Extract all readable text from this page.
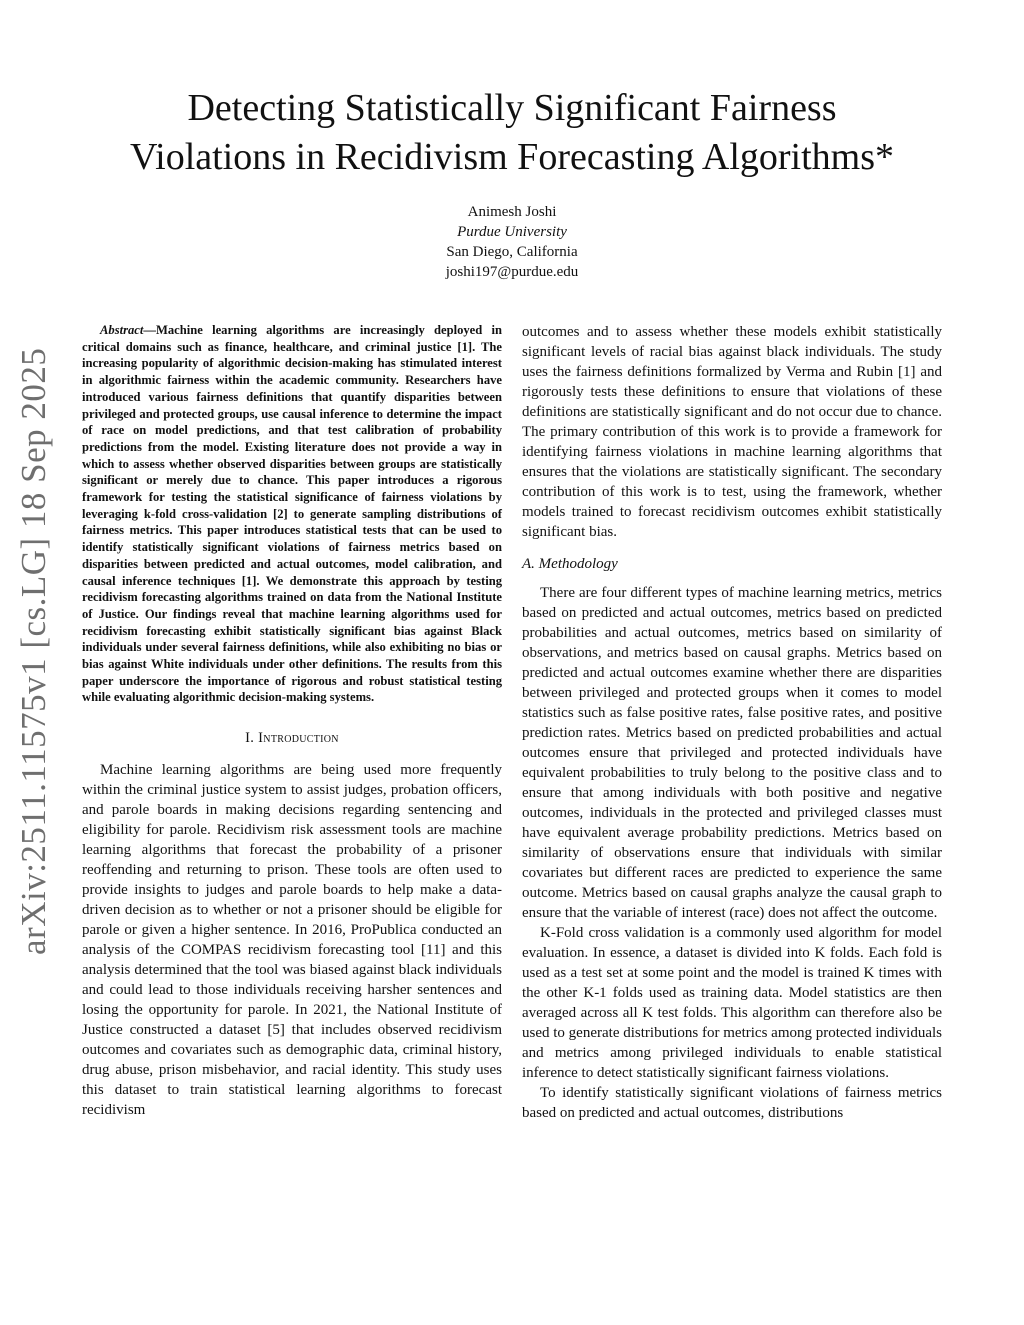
arXiv:2511.11575v1 [cs.LG] 18 Sep 2025
Detecting Statistically Significant Fairness
Violations in Recidivism Forecasting Algorithms*
Animesh Joshi
Purdue University
San Diego, California
joshi197@purdue.edu

Abstract—Machine learning algorithms are increasingly deployed in critical domains such as finance, healthcare, and criminal justice [1]. The increasing popularity of algorithmic decision-making has stimulated interest in algorithmic fairness within the academic community. Researchers have introduced various fairness definitions that quantify disparities between privileged and protected groups, use causal inference to determine the impact of race on model predictions, and that test calibration of probability predictions from the model. Existing literature does not provide a way in which to assess whether observed disparities between groups are statistically significant or merely due to chance. This paper introduces a rigorous framework for testing the statistical significance of fairness violations by leveraging k-fold cross-validation [2] to generate sampling distributions of fairness metrics. This paper introduces statistical tests that can be used to identify statistically significant violations of fairness metrics based on disparities between predicted and actual outcomes, model calibration, and causal inference techniques [1]. We demonstrate this approach by testing recidivism forecasting algorithms trained on data from the National Institute of Justice. Our findings reveal that machine learning algorithms used for recidivism forecasting exhibit statistically significant bias against Black individuals under several fairness definitions, while also exhibiting no bias or bias against White individuals under other definitions. The results from this paper underscore the importance of rigorous and robust statistical testing while evaluating algorithmic decision-making systems.

I. Introduction

Machine learning algorithms are being used more frequently within the criminal justice system to assist judges, probation officers, and parole boards in making decisions regarding sentencing and eligibility for parole. Recidivism risk assessment tools are machine learning algorithms that forecast the probability of a prisoner reoffending and returning to prison. These tools are often used to provide insights to judges and parole boards to help make a data-driven decision as to whether or not a prisoner should be eligible for parole or given a higher sentence. In 2016, ProPublica conducted an analysis of the COMPAS recidivism forecasting tool [11] and this analysis determined that the tool was biased against black individuals and could lead to those individuals receiving harsher sentences and losing the opportunity for parole. In 2021, the National Institute of Justice constructed a dataset [5] that includes observed recidivism outcomes and covariates such as demographic data, criminal history, drug abuse, prison misbehavior, and racial identity. This study uses this dataset to train statistical learning algorithms to forecast recidivism

outcomes and to assess whether these models exhibit statistically significant levels of racial bias against black individuals. The study uses the fairness definitions formalized by Verma and Rubin [1] and rigorously tests these definitions to ensure that violations of these definitions are statistically significant and do not occur due to chance. The primary contribution of this work is to provide a framework for identifying fairness violations in machine learning algorithms that ensures that the violations are statistically significant. The secondary contribution of this work is to test, using the framework, whether models trained to forecast recidivism outcomes exhibit statistically significant bias.

A. Methodology

There are four different types of machine learning metrics, metrics based on predicted and actual outcomes, metrics based on predicted probabilities and actual outcomes, metrics based on similarity of observations, and metrics based on causal graphs. Metrics based on predicted and actual outcomes examine whether there are disparities between privileged and protected groups when it comes to model statistics such as false positive rates, false positive rates, and positive prediction rates. Metrics based on predicted probabilities and actual outcomes ensure that privileged and protected individuals have equivalent probabilities to truly belong to the positive class and to ensure that among individuals with both positive and negative outcomes, individuals in the protected and privileged classes must have equivalent average probability predictions. Metrics based on similarity of observations ensure that individuals with similar covariates but different races are predicted to experience the same outcome. Metrics based on causal graphs analyze the causal graph to ensure that the variable of interest (race) does not affect the outcome.

K-Fold cross validation is a commonly used algorithm for model evaluation. In essence, a dataset is divided into K folds. Each fold is used as a test set at some point and the model is trained K times with the other K-1 folds used as training data. Model statistics are then averaged across all K test folds. This algorithm can therefore also be used to generate distributions for metrics among protected individuals and metrics among privileged individuals to enable statistical inference to detect statistically significant fairness violations.

To identify statistically significant violations of fairness metrics based on predicted and actual outcomes, distributions
